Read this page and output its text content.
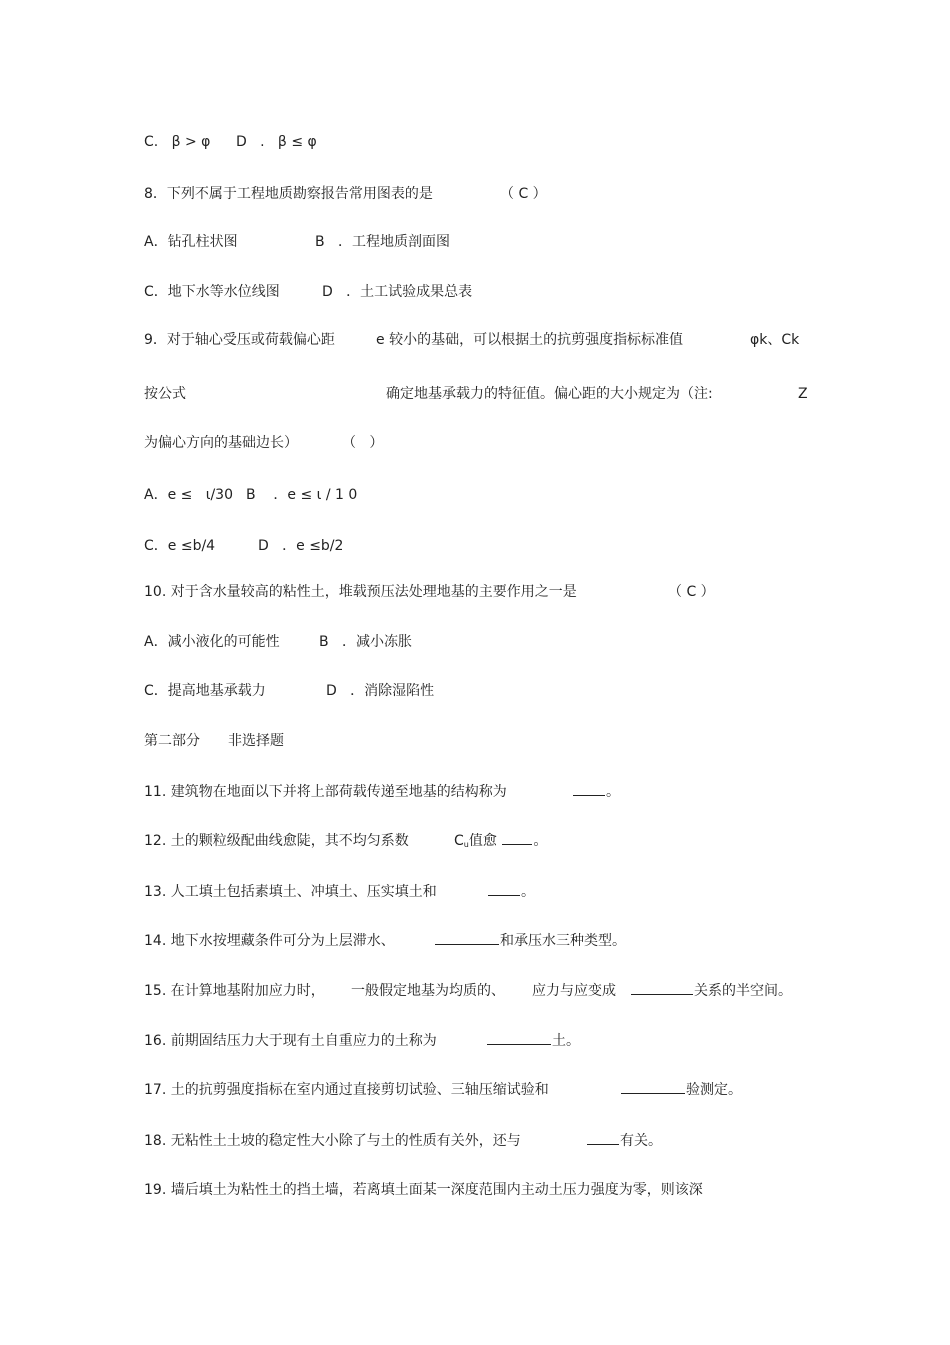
C.   β > φ

D   .   β ≤ φ

8．下列不属于工程地质勘察报告常用图表的是

	（ C ）

A．钻孔柱状图

	B   ．工程地质剖面图

C．地下水等水位线图

	D   ．土工试验成果总表

9．对于轴心受压或荷载偏心距

	e 较小的基础，可以根据土的抗剪强度指标标准值

	φk、Ck

按公式

	确定地基承载力的特征值。偏心距的大小规定为（注:

	Z

为偏心方向的基础边长）

	（   ）

A．e ≤   ι/30

B    ．e ≤ ι / 1 0

C．e ≤b/4

	D   ．e ≤b/2

10. 对于含水量较高的粘性土，堆载预压法处理地基的主要作用之一是

	（ C ）

A．减小液化的可能性

	B   ．减小冻胀

C．提高地基承载力

	D   ．消除湿陷性

第二部分

非选择题

11. 建筑物在地面以下并将上部荷载传递至地基的结构称为

	。

12. 土的颗粒级配曲线愈陡，其不均匀系数

	$C_u$值愈	。

13. 人工填土包括素填土、冲填土、压实填土和

	。

14. 地下水按埋藏条件可分为上层滞水、

	和承压水三种类型。

15. 在计算地基附加应力时，

一般假定地基为均质的、

应力与应变成

	关系的半空间。

16. 前期固结压力大于现有土自重应力的土称为

	土。

17. 土的抗剪强度指标在室内通过直接剪切试验、三轴压缩试验和

	验测定。

18. 无粘性土土坡的稳定性大小除了与土的性质有关外，还与

	有关。

19. 墙后填土为粘性土的挡土墙，若离填土面某一深度范围内主动土压力强度为零，则该深
